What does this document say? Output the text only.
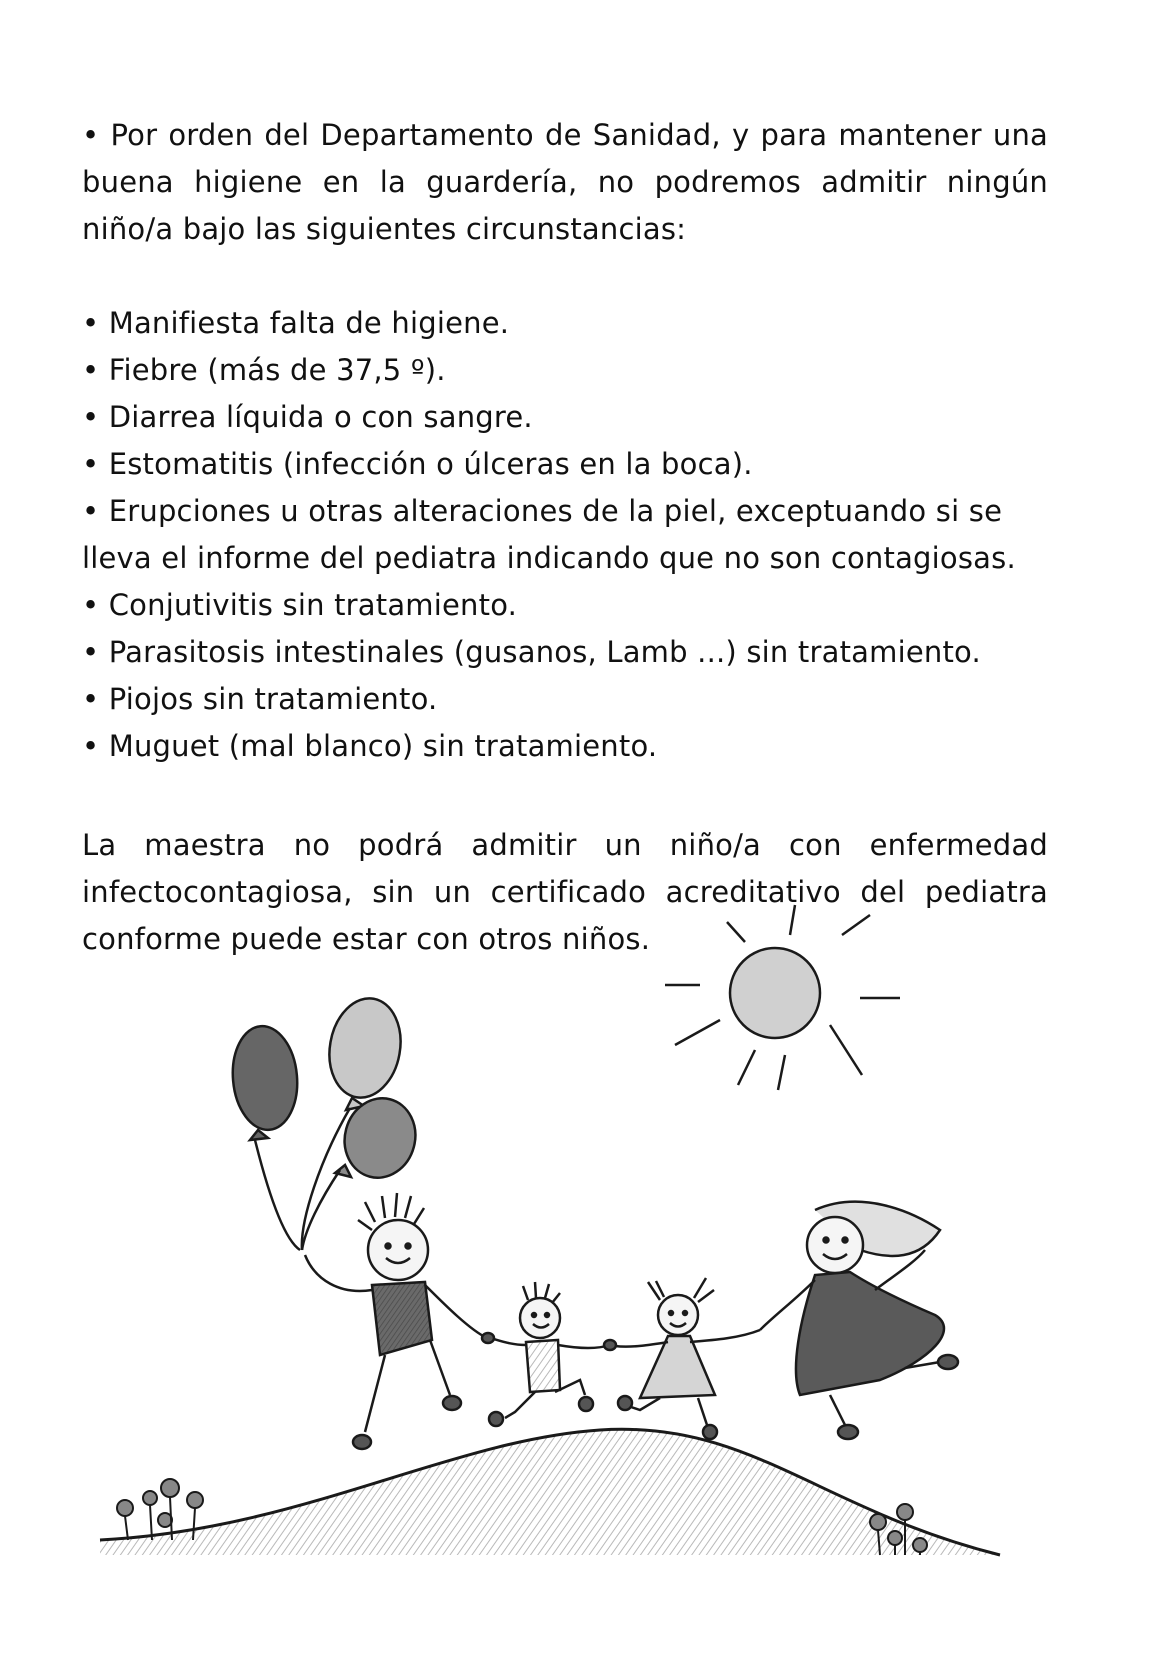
• Por orden del Departamento de Sanidad, y para mantener una buena higiene en la guardería, no podremos admitir ningún niño/a bajo las siguientes circunstancias:

• Manifiesta falta de higiene.
• Fiebre (más de 37,5 º).
• Diarrea líquida o con sangre.
• Estomatitis (infección o úlceras en la boca).
• Erupciones u otras alteraciones de la piel, exceptuando si se lleva el informe del pediatra indicando que no son contagiosas.
• Conjutivitis sin tratamiento.
• Parasitosis intestinales (gusanos, Lamb ...) sin tratamiento.
• Piojos sin tratamiento.
• Muguet (mal blanco) sin tratamiento.

La maestra no podrá admitir un niño/a con enfermedad infectocontagiosa, sin un certificado acreditativo del pediatra conforme puede estar con otros niños.
